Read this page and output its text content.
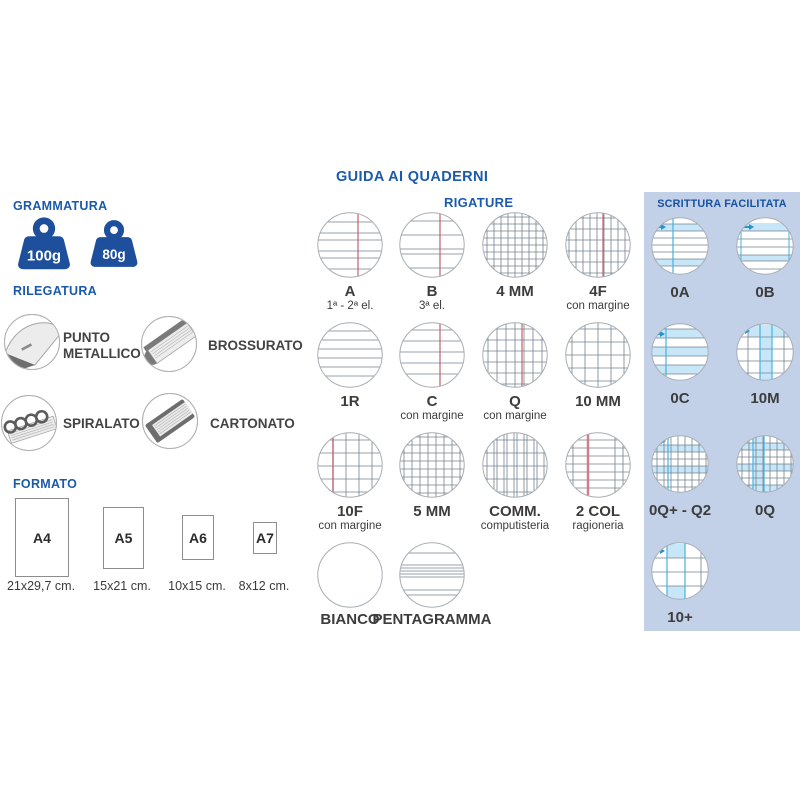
GUIDA AI QUADERNI
GRAMMATURA
100g	80g
RILEGATURA
PUNTO METALLICO
BROSSURATO
SPIRALATO	CARTONATO
FORMATO
A4
21x29,7 cm.
A5
15x21 cm.
A6
10x15 cm.
A7
8x12 cm.
RIGATURE
A
1ª - 2ª el.
B
3ª el.
4 MM	4F
con margine
1R	C
con margine
Q
con margine
10 MM
10F
con margine
5 MM	COMM.
computisteria
2 COL
ragioneria
BIANCO
PENTAGRAMMA
SCRITTURA FACILITATA
0A	0B
0C	10M
0Q+ - Q2	0Q
10+
